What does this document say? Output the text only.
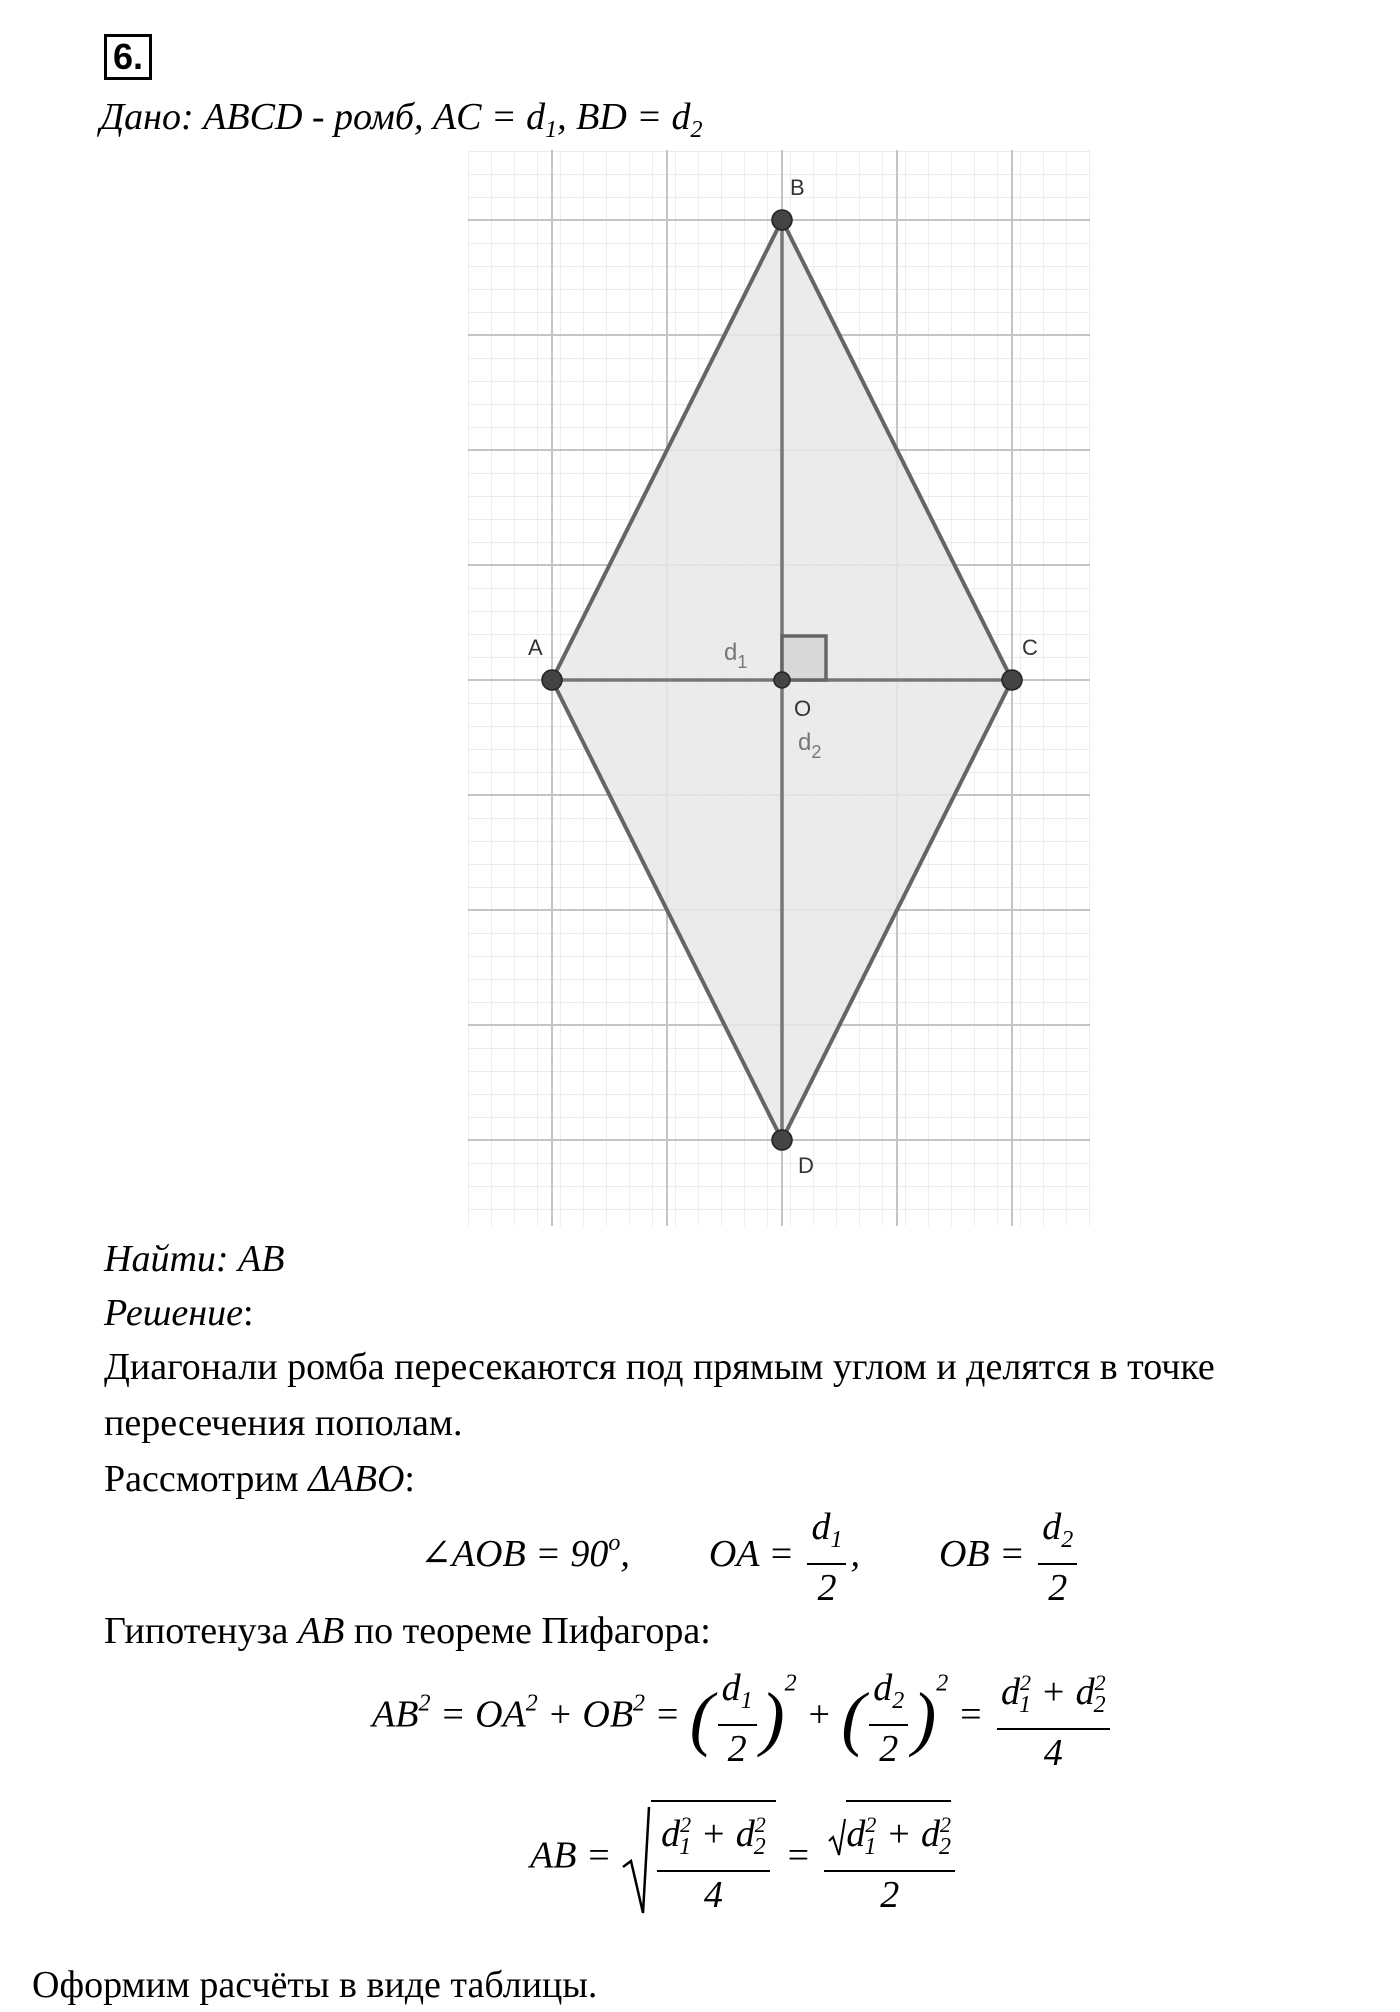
6.
Дано: ABCD - ромб, AC = $d_1$, BD = $d_2$
B
A	C
D
O
$d_1$
$d_2$
Найти: AB
Решение:
Диагонали ромба пересекаются под прямым углом и делятся в точке
пересечения пополам.
Рассмотрим ΔABO:
∠AOB = $90^o$, OA = $\frac{d_1}{2}$ , OB = $\frac{d_2}{2}$
Гипотенуза AB по теореме Пифагора:
$AB^2 = OA^2 + OB^2$ = ( $\frac{d_1}{2} )^2$ + ( $\frac{d_2}{2} )^2 = \frac{d^2_1 + d^2_2}{4}$
AB = $\frac{d^2_1 + d^2_2}{4} = \frac{d^2_1 + d^2_2}{2}$
Оформим расчёты в виде таблицы.
